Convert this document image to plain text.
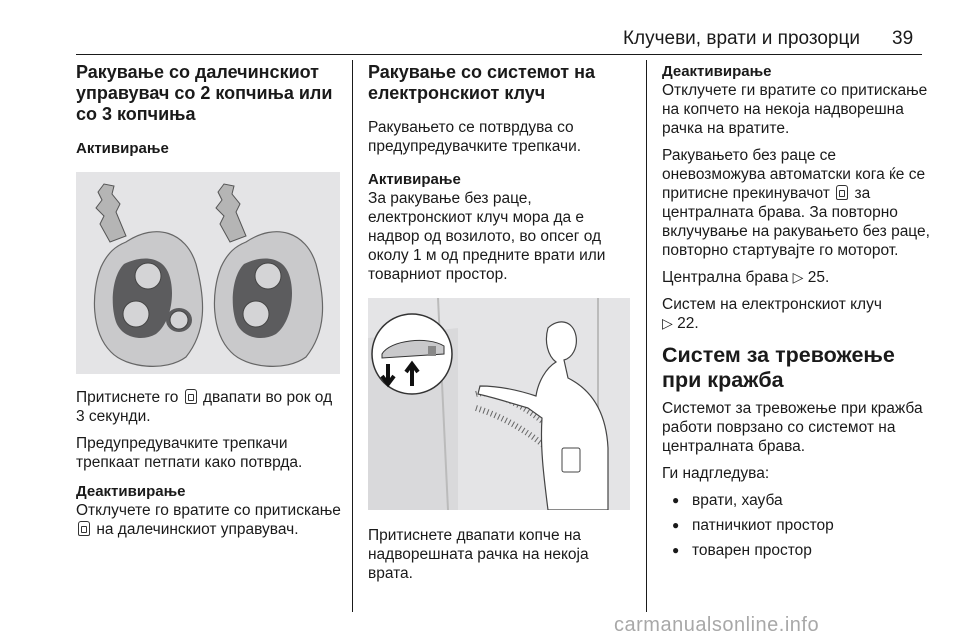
Клучеви, врати и прозорци 39
Ракување со далечинскиот управувач со 2 копчиња или со 3 копчиња
Активирање

Притиснете го двапати во рок од 3 секунди.

Предупредувачките трепкачи трепкаат петпати како потврда.

Деактивирање

Отклучете го вратите со притискање  на далечинскиот управувач.

Ракување со системот на електронскиот клуч

Ракувањето се потврдува со предупредувачките трепкачи.

Активирање

За ракување без раце, електронскиот клуч мора да е надвор од возилото, во опсег од околу 1 м од предните врати или товарниот простор.

Притиснете двапати копче на надворешната рачка на некоја врата.

Деактивирање

Отклучете ги вратите со притискање на копчето на некоја надворешна рачка на вратите.

Ракувањето без раце се оневозможува автоматски кога ќе се притисне прекинувачот за централната брава. За повторно вклучување на ракувањето без раце, повторно стартувајте го моторот.

Централна брава ▷ 25.

Систем на електронскиот клуч
▷ 22.

Систем за тревожење при кражба

Системот за тревожење при кражба работи поврзано со системот на централната брава.

Ги надгледува:

● врати, хауба
● патничкиот простор
● товарен простор
carmanualsonline.info
